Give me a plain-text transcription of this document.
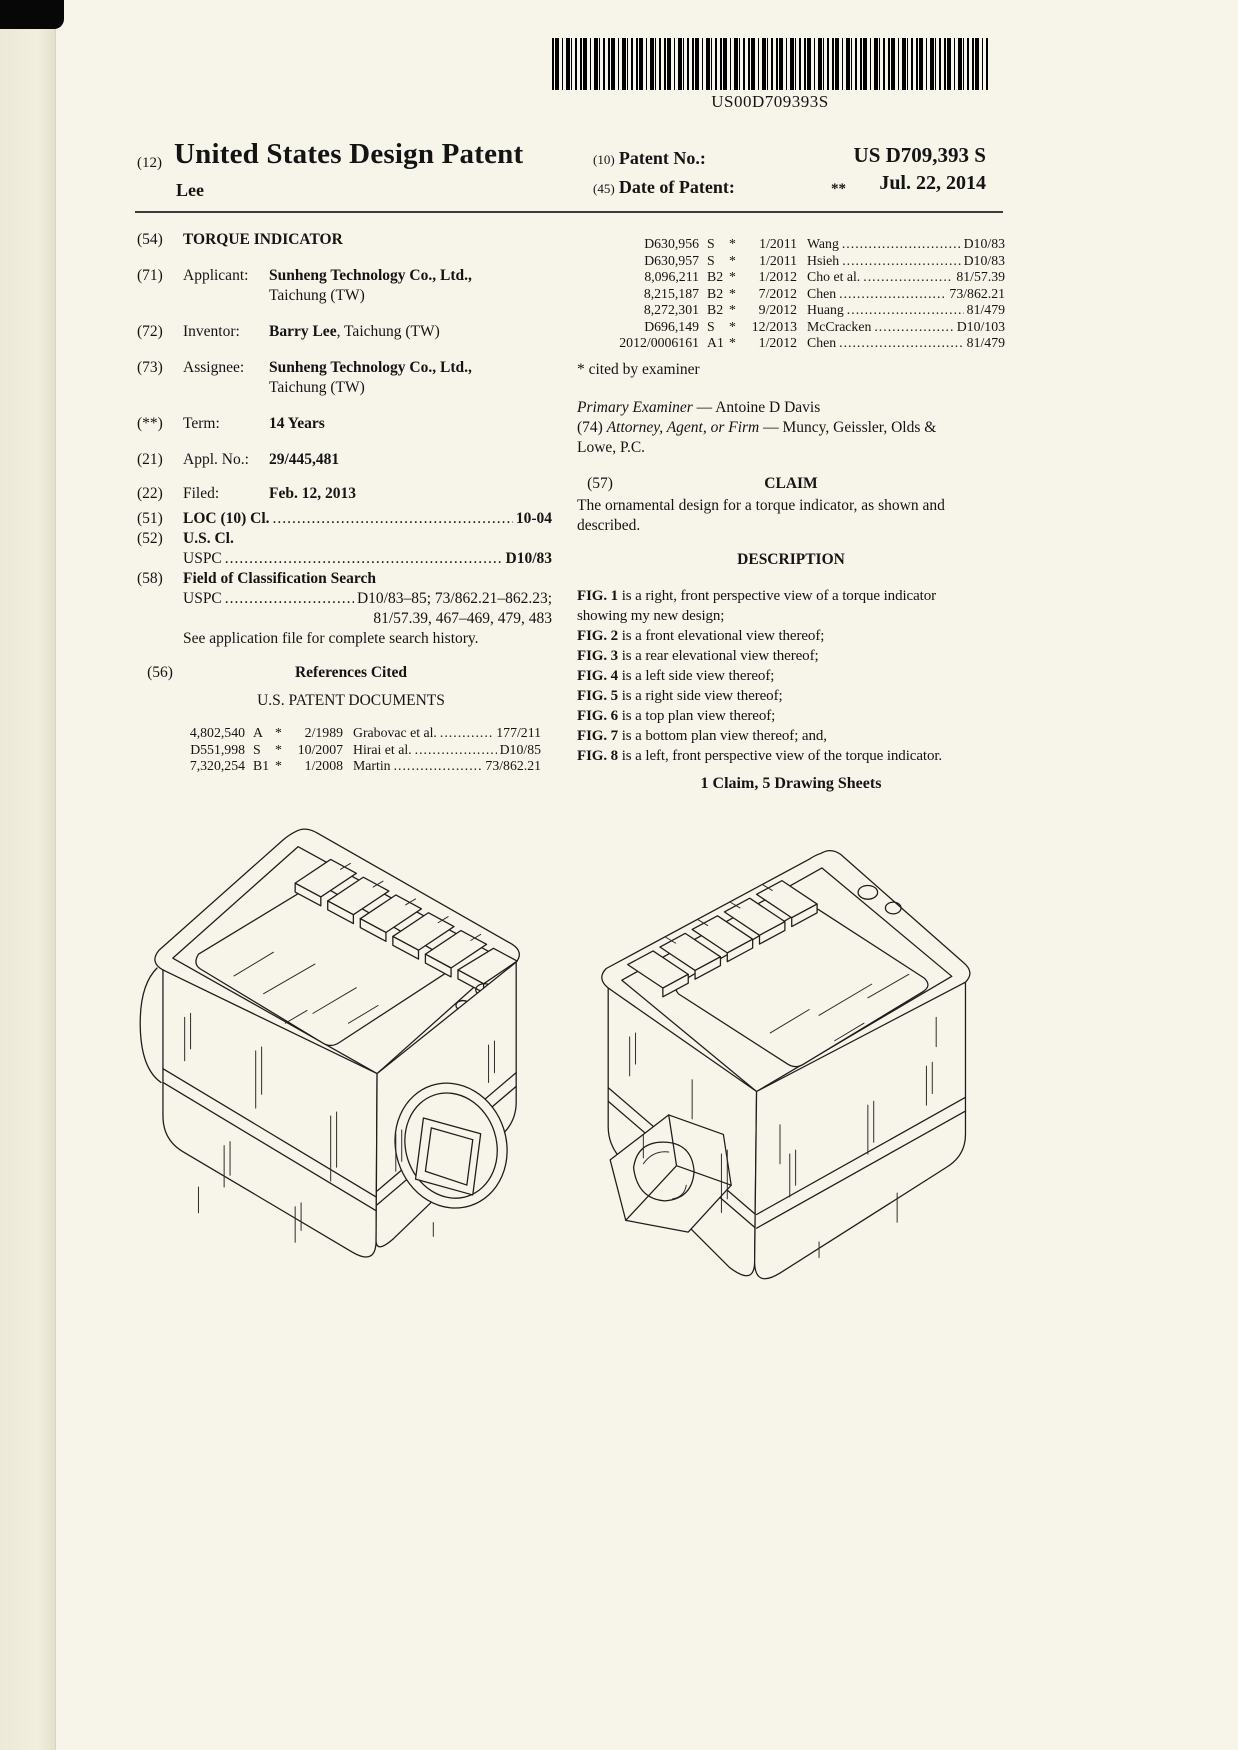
US00D709393S
(12) United States Design Patent
Lee
(10) Patent No.:	US D709,393 S
(45) Date of Patent:	**	Jul. 22, 2014
(54)	TORQUE INDICATOR
(71)	Applicant:	Sunheng Technology Co., Ltd.,
Taichung (TW)
(72)	Inventor:	Barry Lee, Taichung (TW)
(73)	Assignee:	Sunheng Technology Co., Ltd.,
Taichung (TW)
(**)	Term:	14 Years
(21)	Appl. No.:	29/445,481
(22)	Filed:	Feb. 12, 2013
(51)	LOC (10) Cl. .....	10-04
(52)	U.S. Cl.
USPC .....	D10/83
(58)	Field of Classification Search
USPC .....	D10/83–85; 73/862.21–862.23;
81/57.39, 467–469, 479, 483
See application file for complete search history.
(56)	References Cited
U.S. PATENT DOCUMENTS
4,802,540 A *	2/1989 Grabovac et al. .....	177/211
D551,998 S	*	10/2007 Hirai et al. .....	D10/85
7,320,254 B1 *	1/2008 Martin .....	73/862.21
D630,956 S	*	1/2011 Wang .....	D10/83
D630,957 S	*	1/2011 Hsieh .....	D10/83
8,096,211 B2 *	1/2012 Cho et al. .....	81/57.39
8,215,187 B2 *	7/2012 Chen .....	73/862.21
8,272,301 B2 *	9/2012 Huang .....	81/479
D696,149 S	*	12/2013 McCracken .....	D10/103
2012/0006161 A1 *	1/2012 Chen .....	81/479
* cited by examiner
Primary Examiner — Antoine D Davis
(74) Attorney, Agent, or Firm — Muncy, Geissler, Olds &
Lowe, P.C.
(57)	CLAIM
The ornamental design for a torque indicator, as shown and
described.
DESCRIPTION
FIG. 1 is a right, front perspective view of a torque indicator
showing my new design;
FIG. 2 is a front elevational view thereof;
FIG. 3 is a rear elevational view thereof;
FIG. 4 is a left side view thereof;
FIG. 5 is a right side view thereof;
FIG. 6 is a top plan view thereof;
FIG. 7 is a bottom plan view thereof; and,
FIG. 8 is a left, front perspective view of the torque indicator.
1 Claim, 5 Drawing Sheets
